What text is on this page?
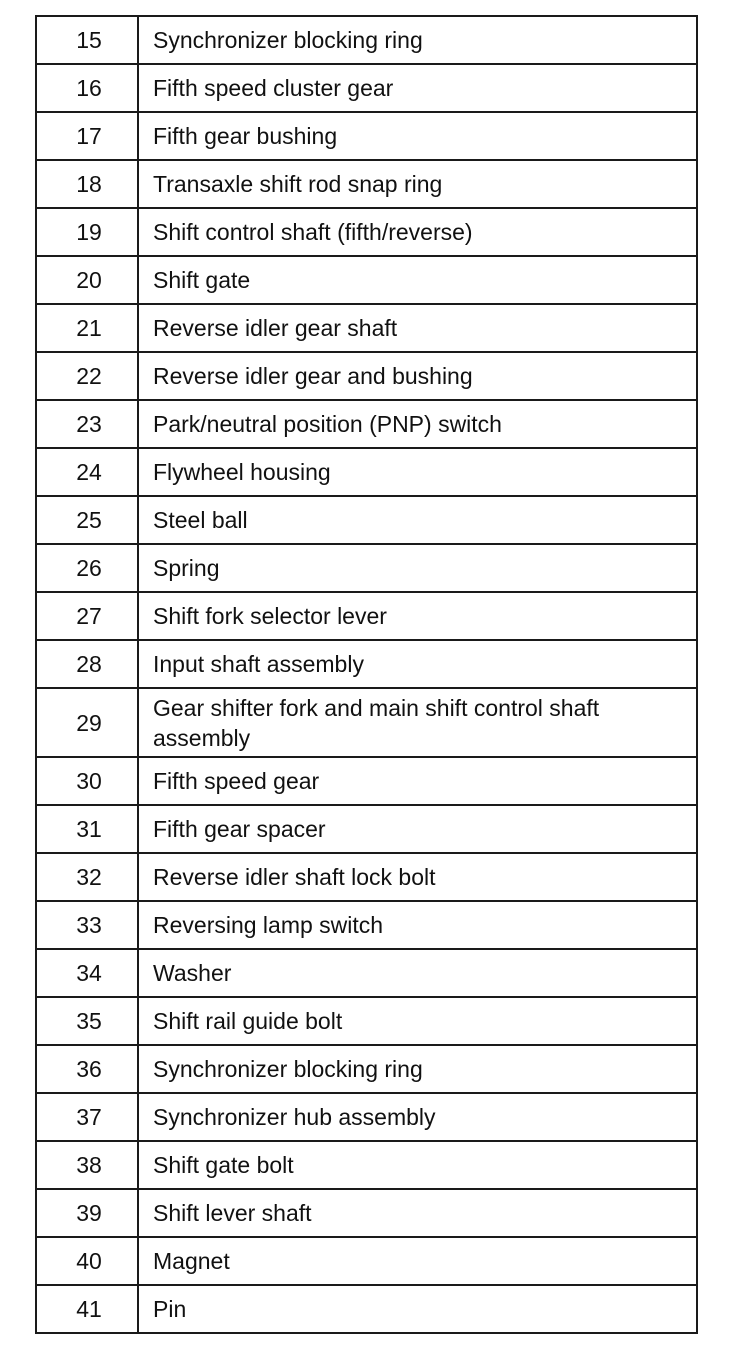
15	Synchronizer blocking ring
16	Fifth speed cluster gear
17	Fifth gear bushing
18	Transaxle shift rod snap ring
19	Shift control shaft (fifth/reverse)
20	Shift gate
21	Reverse idler gear shaft
22	Reverse idler gear and bushing
23	Park/neutral position (PNP) switch
24	Flywheel housing
25	Steel ball
26	Spring
27	Shift fork selector lever
28	Input shaft assembly
29	Gear shifter fork and main shift control shaft assembly
30	Fifth speed gear
31	Fifth gear spacer
32	Reverse idler shaft lock bolt
33	Reversing lamp switch
34	Washer
35	Shift rail guide bolt
36	Synchronizer blocking ring
37	Synchronizer hub assembly
38	Shift gate bolt
39	Shift lever shaft
40	Magnet
41	Pin
